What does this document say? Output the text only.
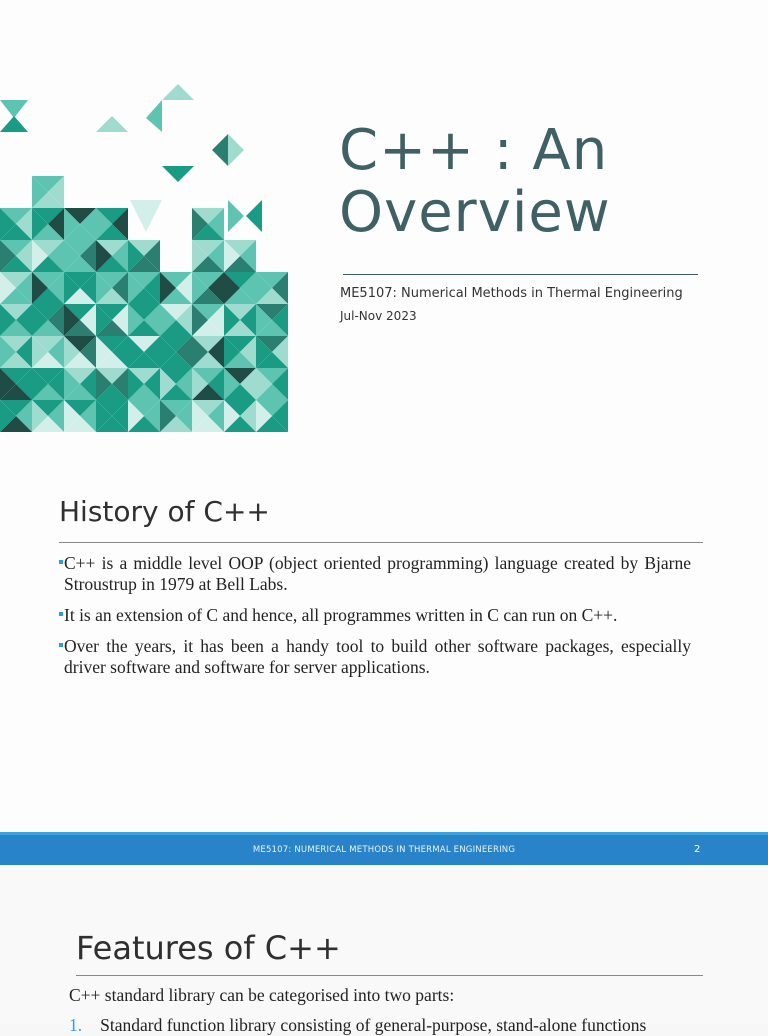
C++ : An
Overview
ME5107: Numerical Methods in Thermal Engineering
Jul-Nov 2023
History of C++
C++ is a middle level OOP (object oriented programming) language created by Bjarne Stroustrup in 1979 at Bell Labs.
It is an extension of C and hence, all programmes written in C can run on C++.
Over the years, it has been a handy tool to build other software packages, especially driver software and software for server applications.
ME5107: NUMERICAL METHODS IN THERMAL ENGINEERING	2
Features of C++
C++ standard library can be categorised into two parts:
1. Standard function library consisting of general-purpose, stand-alone functions
